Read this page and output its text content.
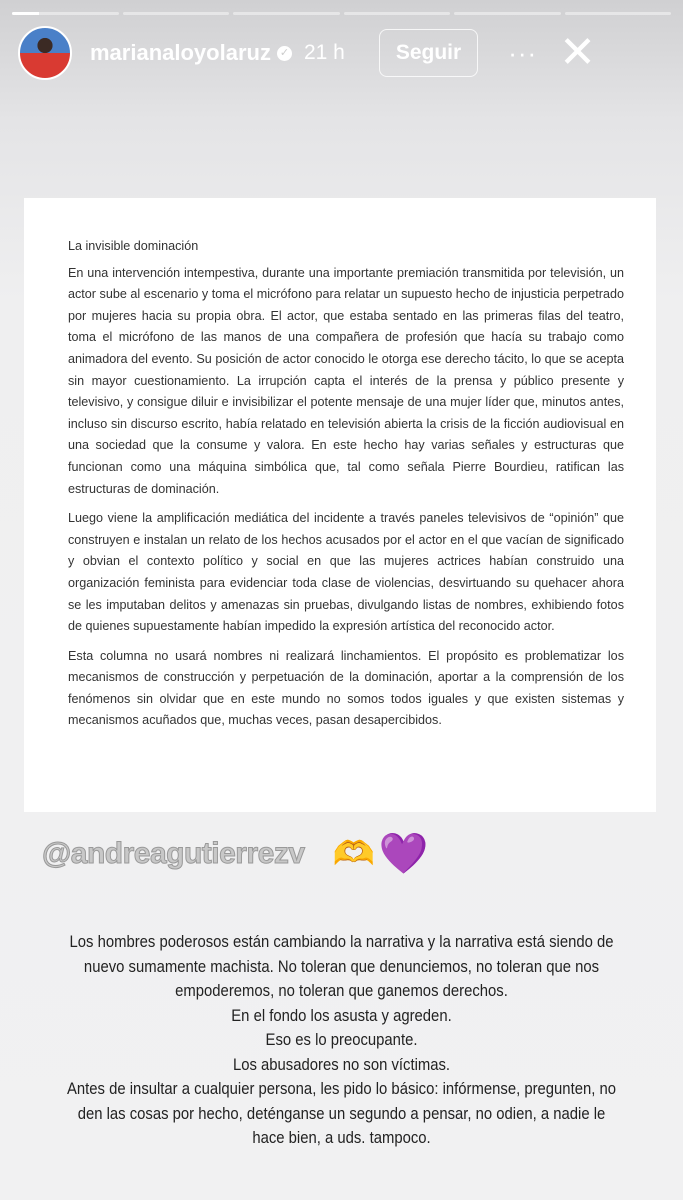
marianaloyolaruz ✓ 21 h	Seguir	··· ✕
La invisible dominación

En una intervención intempestiva, durante una importante premiación transmitida por televisión, un actor sube al escenario y toma el micrófono para relatar un supuesto hecho de injusticia perpetrado por mujeres hacia su propia obra. El actor, que estaba sentado en las primeras filas del teatro, toma el micrófono de las manos de una compañera de profesión que hacía su trabajo como animadora del evento. Su posición de actor conocido le otorga ese derecho tácito, lo que se acepta sin mayor cuestionamiento. La irrupción capta el interés de la prensa y público presente y televisivo, y consigue diluir e invisibilizar el potente mensaje de una mujer líder que, minutos antes, incluso sin discurso escrito, había relatado en televisión abierta la crisis de la ficción audiovisual en una sociedad que la consume y valora. En este hecho hay varias señales y estructuras que funcionan como una máquina simbólica que, tal como señala Pierre Bourdieu, ratifican las estructuras de dominación.

Luego viene la amplificación mediática del incidente a través paneles televisivos de “opinión” que construyen e instalan un relato de los hechos acusados por el actor en el que vacían de significado y obvian el contexto político y social en que las mujeres actrices habían construido una organización feminista para evidenciar toda clase de violencias, desvirtuando su quehacer ahora se les imputaban delitos y amenazas sin pruebas, divulgando listas de nombres, exhibiendo fotos de quienes supuestamente habían impedido la expresión artística del reconocido actor.

Esta columna no usará nombres ni realizará linchamientos. El propósito es problematizar los mecanismos de construcción y perpetuación de la dominación, aportar a la comprensión de los fenómenos sin olvidar que en este mundo no somos todos iguales y que existen sistemas y mecanismos acuñados que, muchas veces, pasan desapercibidos.

@andreagutierrezv 🫶 💜
Los hombres poderosos están cambiando la narrativa y la narrativa está siendo de nuevo sumamente machista. No toleran que denunciemos, no toleran que nos empoderemos, no toleran que ganemos derechos.
En el fondo los asusta y agreden.
Eso es lo preocupante.
Los abusadores no son víctimas.
Antes de insultar a cualquier persona, les pido lo básico: infórmense, pregunten, no den las cosas por hecho, deténganse un segundo a pensar, no odien, a nadie le hace bien, a uds. tampoco.
